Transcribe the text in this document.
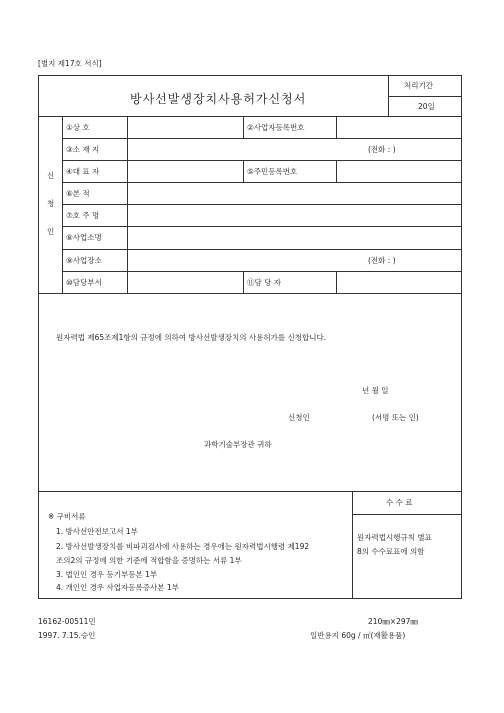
[별지 제17호 서식]
방사선발생장치사용허가신청서
처리기간
20일
신
청
인
①상 호	②사업자등록번호
③소 재 지	(전화 : )
④대 표 자	⑤주민등록번호
⑥본 적
⑦호 주 명
⑧사업소명
⑨사업장소	(전화 : )
⑩담당부서	⑪담 당 자
원자력법 제65조제1항의 규정에 의하여 방사선발생장치의 사용허가를 신청합니다.
년 월 일
신청인	(서명 또는 인)
과학기술부장관 귀하
※ 구비서류
1. 방사선안전보고서 1부
2. 방사선발생장치를 비파괴검사에 사용하는 경우에는 원자력법시행령 제192
조의2의 규정에 의한 기준에 적합함을 증명하는 서류 1부
3. 법인인 경우 등기부등본 1부
4. 개인인 경우 사업자등록증사본 1부
수 수 료
원자력법시행규칙 별표
8의 수수료표에 의함
16162-00511민
1997. 7.15.승인
210㎜×297㎜
일반용지 60g / ㎡(재활용품)
